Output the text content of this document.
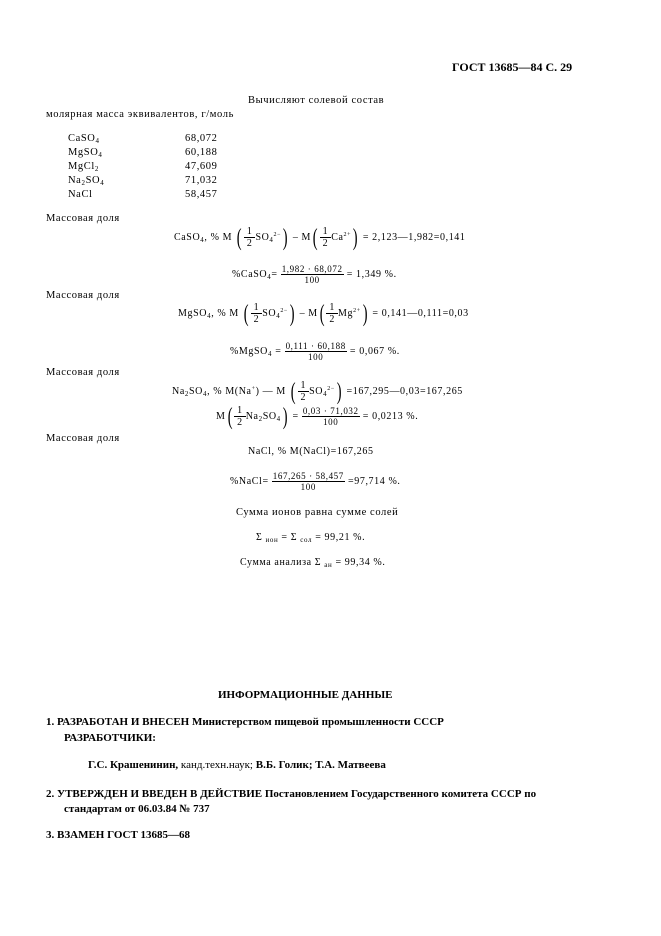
ГОСТ 13685—84 С. 29
Вычисляют солевой состав
молярная масса эквивалентов, г/моль
CaSO$_4$	68,072
MgSO$_4$	60,188
MgCl$_2$	47,609
$Na_2SO_4$	71,032
NaCl	58,457
Массовая доля
CaSO$_4$, % M ( $\frac{1}{2} SO_4^{2-}) - M( \frac{1}{2} Ca^{2+})$ = 2,123—1,982=0,141
%CaSO$_4$= $\frac{1,982 \cdot 68,072}{100} = 1,349$ %.
Массовая доля
MgSO$_4$, % M ( $\frac{1}{2} SO_4^{2-}) - M( \frac{1}{2} Mg^{2+})$ = 0,141—0,111=0,03
%MgSO$_4$ = $\frac{0,111 \cdot 60,188}{100} = 0,067$ %.
Массовая доля
$Na_2SO_4$, % M(Na+) — M ( $\frac{1}{2} SO_4^{2-}$) =167,295—0,03=167,265
$M( \frac{1}{2} Na_2SO_4) = \frac{0,03 \cdot 71,032}{100} = 0,0213$ %.
Массовая доля
NaCl, % M(NaCl)=167,265
%NaCl= $\frac{167,265 \cdot 58,457}{100} =97,714$ %.
Сумма ионов равна сумме солей
Σ $_{ион}$ = Σ $_{сол}$ = 99,21 %.
Сумма анализа Σ $_{ан}$ = 99,34 %.
ИНФОРМАЦИОННЫЕ ДАННЫЕ
1. РАЗРАБОТАН И ВНЕСЕН Министерством пищевой промышленности СССР
РАЗРАБОТЧИКИ:
Г.С. Крашенинин, канд.техн.наук; В.Б. Голик; Т.А. Матвеева
2. УТВЕРЖДЕН И ВВЕДЕН В ДЕЙСТВИЕ Постановлением Государственного комитета СССР по
стандартам от 06.03.84 № 737
3. ВЗАМЕН ГОСТ 13685—68
